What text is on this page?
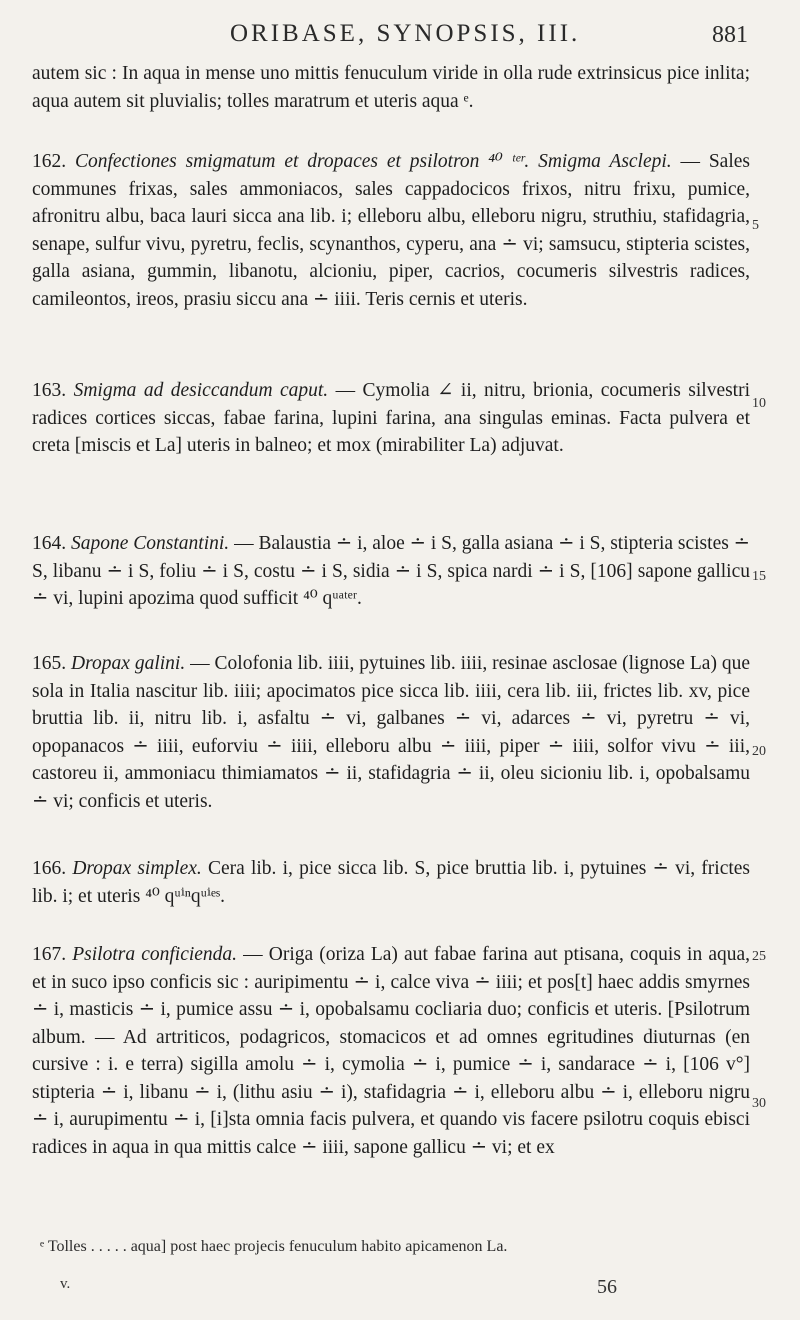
ORIBASE, SYNOPSIS, III.	881

autem sic : In aqua in mense uno mittis fenuculum viride in olla rude extrinsicus pice inlita; aqua autem sit pluvialis; tolles maratrum et uteris aqua ᵉ.

162. Confectiones smigmatum et dropaces et psilotron ⁴⁰ ᵗᵉʳ. Smigma Asclepi. — Sales communes frixas, sales ammoniacos, sales cappadocicos frixos, nitru frixu, pumice, afronitru albu, baca lauri sicca ana lib. i; elleboru albu, elleboru nigru, struthiu, stafidagria, senape, sulfur vivu, pyretru, feclis, scynanthos, cyperu, ana ∸ vi; samsucu, stipteria scistes, galla asiana, gummin, libanotu, alcioniu, piper, cacrios, cocumeris silvestris radices, camileontos, ireos, prasiu siccu ana ∸ iiii. Teris cernis et uteris.

163. Smigma ad desiccandum caput. — Cymolia ∠ ii, nitru, brionia, cocumeris silvestri radices cortices siccas, fabae farina, lupini farina, ana singulas eminas. Facta pulvera et creta [miscis et La] uteris in balneo; et mox (mirabiliter La) adjuvat.

164. Sapone Constantini. — Balaustia ∸ i, aloe ∸ i S, galla asiana ∸ i S, stipteria scistes ∸ S, libanu ∸ i S, foliu ∸ i S, costu ∸ i S, sidia ∸ i S, spica nardi ∸ i S, [106] sapone gallicu ∸ vi, lupini apozima quod sufficit ⁴⁰ qᵘᵃᵗᵉʳ.

165. Dropax galini. — Colofonia lib. iiii, pytuines lib. iiii, resinae asclosae (lignose La) que sola in Italia nascitur lib. iiii; apocimatos pice sicca lib. iiii, cera lib. iii, frictes lib. xv, pice bruttia lib. ii, nitru lib. i, asfaltu ∸ vi, galbanes ∸ vi, adarces ∸ vi, pyretru ∸ vi, opopanacos ∸ iiii, euforviu ∸ iiii, elleboru albu ∸ iiii, piper ∸ iiii, solfor vivu ∸ iii, castoreu ii, ammoniacu thimiamatos ∸ ii, stafidagria ∸ ii, oleu sicioniu lib. i, opobalsamu ∸ vi; conficis et uteris.

166. Dropax simplex. Cera lib. i, pice sicca lib. S, pice bruttia lib. i, pytuines ∸ vi, frictes lib. i; et uteris ⁴⁰ qᵘⁱⁿqᵘⁱᵉˢ.

167. Psilotra conficienda. — Origa (oriza La) aut fabae farina aut ptisana, coquis in aqua, et in suco ipso conficis sic : auripimentu ∸ i, calce viva ∸ iiii; et pos[t] haec addis smyrnes ∸ i, masticis ∸ i, pumice assu ∸ i, opobalsamu cocliaria duo; conficis et uteris. [Psilotrum album. — Ad artriticos, podagricos, stomacicos et ad omnes egritudines diuturnas (en cursive : i. e terra) sigilla amolu ∸ i, cymolia ∸ i, pumice ∸ i, sandarace ∸ i, [106 v°] stipteria ∸ i, libanu ∸ i, (lithu asiu ∸ i), stafidagria ∸ i, elleboru albu ∸ i, elleboru nigru ∸ i, aurupimentu ∸ i, [i]sta omnia facis pulvera, et quando vis facere psilotru coquis ebisci radices in aqua in qua mittis calce ∸ iiii, sapone gallicu ∸ vi; et ex

5
10
15
20
25
30
ᵉ Tolles . . . . . aqua] post haec projecis fenuculum habito apicamenon La.
v.	56
